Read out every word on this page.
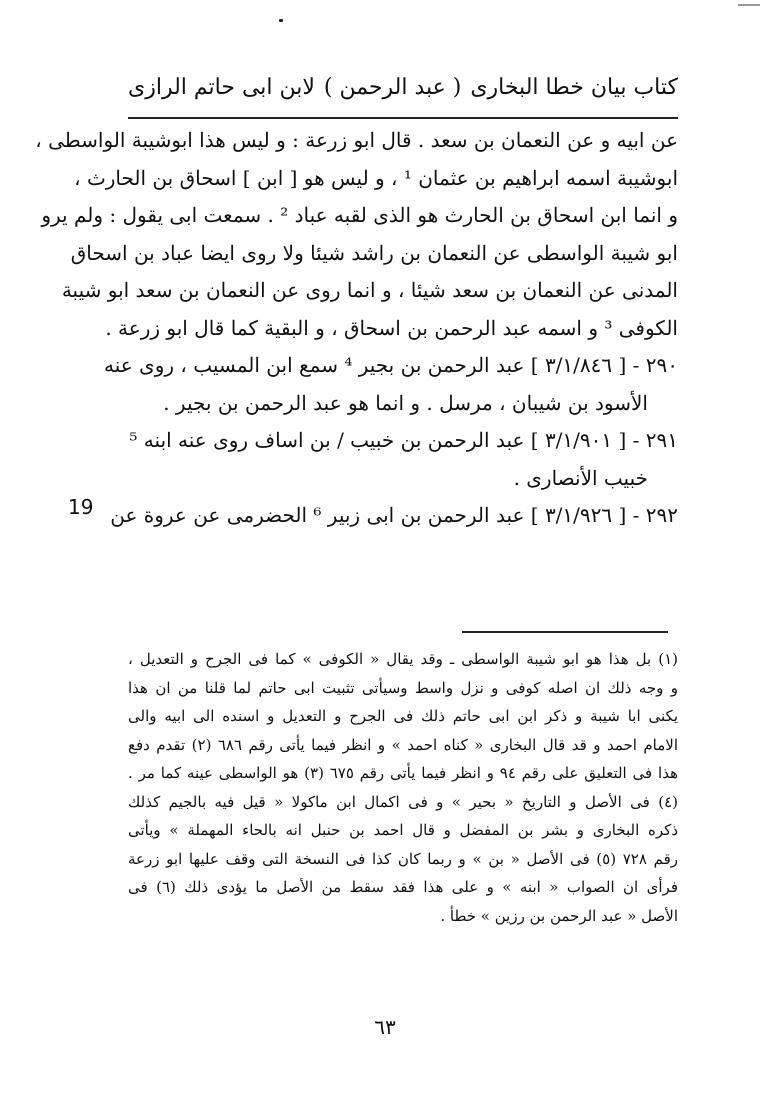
كتاب بيان خطا البخارى
( عبد الرحمن )
لابن ابى حاتم الرازى

عن ابيه و عن النعمان بن سعد . قال ابو زرعة : و ليس هذا ابوشيبة الواسطى ،
ابوشيبة اسمه ابراهيم بن عثمان ¹ ، و ليس هو [ ابن ] اسحاق بن الحارث ،
و انما ابن اسحاق بن الحارث هو الذى لقبه عباد ² . سمعت ابى يقول : ولم يرو
ابو شيبة الواسطى عن النعمان بن راشد شيئا ولا روى ايضا عباد بن اسحاق
المدنى عن النعمان بن سعد شيئا ، و انما روى عن النعمان بن سعد ابو شيبة
الكوفى ³ و اسمه عبد الرحمن بن اسحاق ، و البقية كما قال ابو زرعة .

٢٩٠ - [ ٣/١/٨٤٦ ] عبد الرحمن بن بجير ⁴ سمع ابن المسيب ، روى عنه
الأسود بن شيبان ، مرسل . و انما هو عبد الرحمن بن بجير .

٢٩١ - [ ٣/١/٩٠١ ] عبد الرحمن بن خبيب / بن اساف روى عنه ابنه ⁵
خبيب الأنصارى .

٢٩٢ - [ ٣/١/٩٢٦ ] عبد الرحمن بن ابى زبير ⁶ الحضرمى عن عروة عن

19
(١) بل هذا هو ابو شيبة الواسطى ـ وقد يقال « الكوفى » كما فى الجرح و التعديل ،
و وجه ذلك ان اصله كوفى و نزل واسط وسيأتى تثبيت ابى حاتم لما قلنا من ان هذا
يكنى ابا شيبة و ذكر ابن ابى حاتم ذلك فى الجرح و التعديل و اسنده الى ابيه والى
الامام احمد و قد قال البخارى « كناه احمد » و انظر فيما يأتى رقم ٦٨٦ (٢) تقدم دفع
هذا فى التعليق على رقم ٩٤ و انظر فيما يأتى رقم ٦٧٥ (٣) هو الواسطى عينه كما مر .
(٤) فى الأصل و التاريخ « بحير » و فى اكمال ابن ماكولا « قيل فيه بالجيم كذلك
ذكره البخارى و بشر بن المفضل و قال احمد بن حنبل انه بالحاء المهملة » ويأتى
رقم ٧٢٨ (٥) فى الأصل « بن » و ربما كان كذا فى النسخة التى وقف عليها ابو زرعة
فرأى ان الصواب « ابنه » و على هذا فقد سقط من الأصل ما يؤدى ذلك (٦) فى
الأصل « عبد الرحمن بن رزين » خطأ .
٦٣
